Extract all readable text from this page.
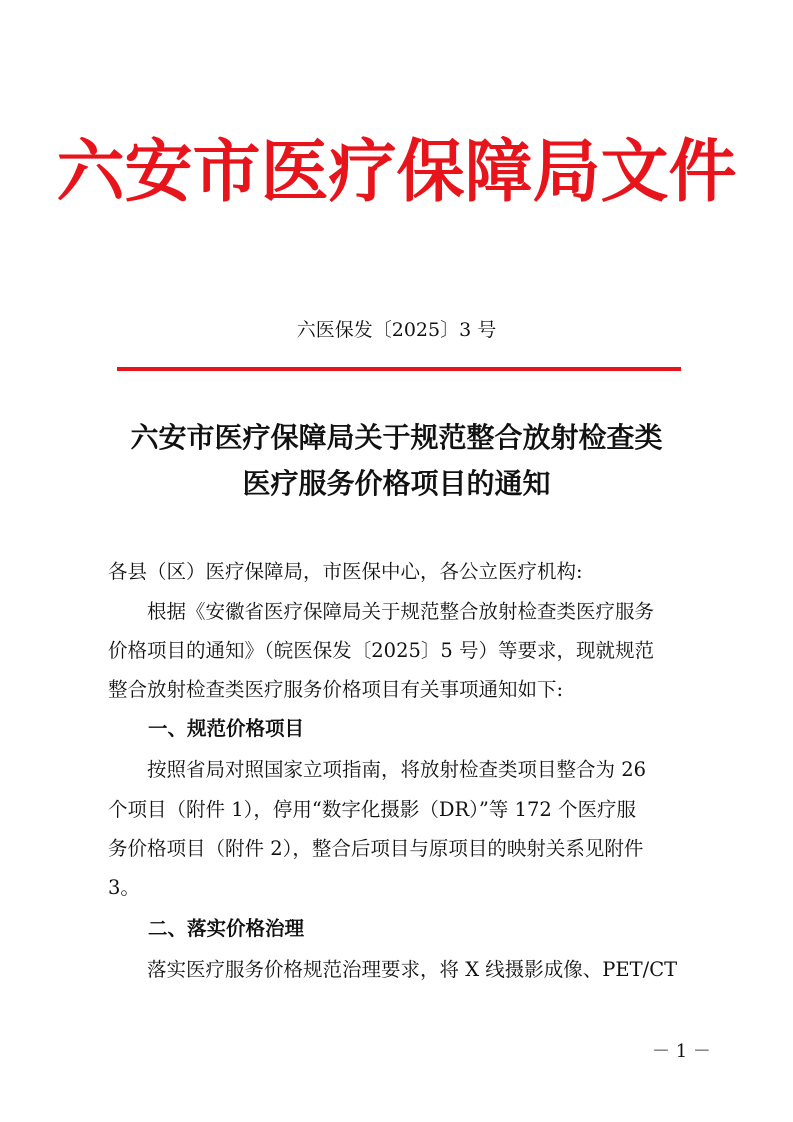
六安市医疗保障局文件
六医保发〔2025〕3 号
六安市医疗保障局关于规范整合放射检查类
医疗服务价格项目的通知
各县（区）医疗保障局，市医保中心，各公立医疗机构:
　　根据《安徽省医疗保障局关于规范整合放射检查类医疗服务
价格项目的通知》（皖医保发〔2025〕5 号）等要求，现就规范
整合放射检查类医疗服务价格项目有关事项通知如下:
一、规范价格项目
　　按照省局对照国家立项指南，将放射检查类项目整合为 26
个项目（附件 1），停用“数字化摄影（DR）”等 172 个医疗服
务价格项目（附件 2），整合后项目与原项目的映射关系见附件
3。
二、落实价格治理
　　落实医疗服务价格规范治理要求，将 X 线摄影成像、PET/CT
－ 1 －
